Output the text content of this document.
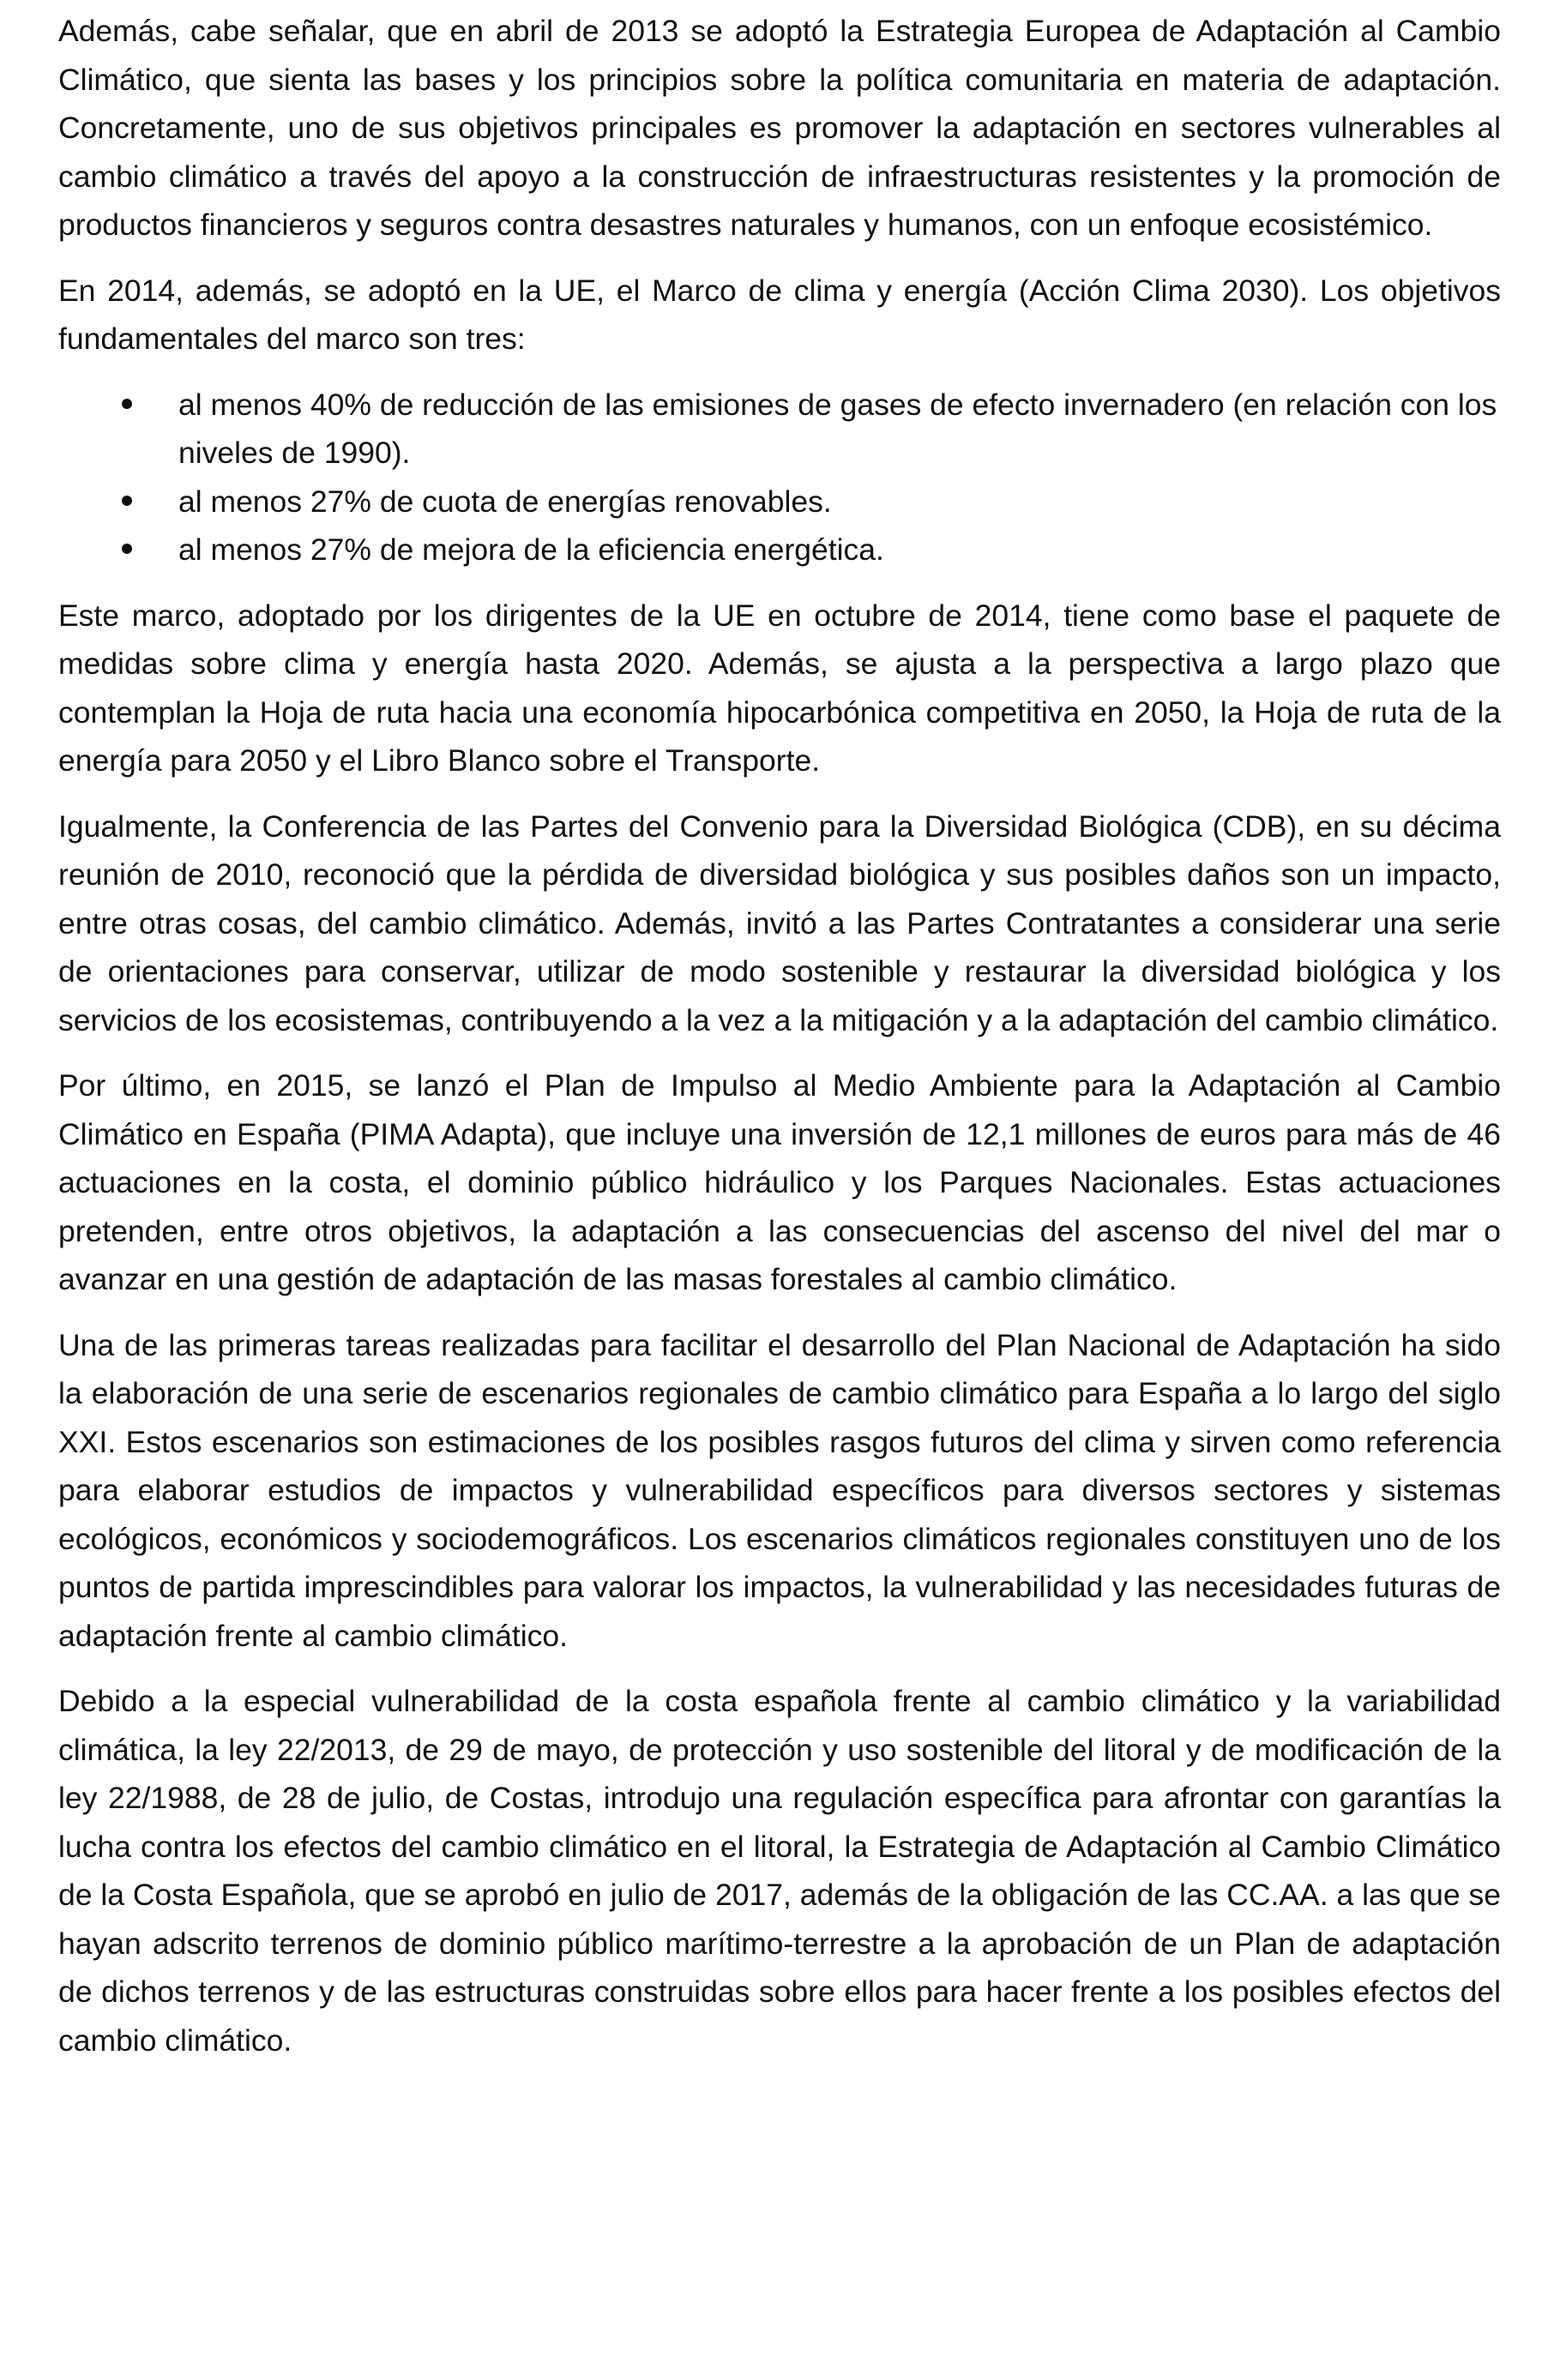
Además, cabe señalar, que en abril de 2013 se adoptó la Estrategia Europea de Adaptación al Cambio Climático, que sienta las bases y los principios sobre la política comunitaria en materia de adaptación. Concretamente, uno de sus objetivos principales es promover la adaptación en sectores vulnerables al cambio climático a través del apoyo a la construcción de infraestructuras resistentes y la promoción de productos financieros y seguros contra desastres naturales y humanos, con un enfoque ecosistémico.

En 2014, además, se adoptó en la UE, el Marco de clima y energía (Acción Clima 2030). Los objetivos fundamentales del marco son tres:

al menos 40% de reducción de las emisiones de gases de efecto invernadero (en relación con los niveles de 1990).
al menos 27% de cuota de energías renovables.
al menos 27% de mejora de la eficiencia energética.

Este marco, adoptado por los dirigentes de la UE en octubre de 2014, tiene como base el paquete de medidas sobre clima y energía hasta 2020. Además, se ajusta a la perspectiva a largo plazo que contemplan la Hoja de ruta hacia una economía hipocarbónica competitiva en 2050, la Hoja de ruta de la energía para 2050 y el Libro Blanco sobre el Transporte.

Igualmente, la Conferencia de las Partes del Convenio para la Diversidad Biológica (CDB), en su décima reunión de 2010, reconoció que la pérdida de diversidad biológica y sus posibles daños son un impacto, entre otras cosas, del cambio climático. Además, invitó a las Partes Contratantes a considerar una serie de orientaciones para conservar, utilizar de modo sostenible y restaurar la diversidad biológica y los servicios de los ecosistemas, contribuyendo a la vez a la mitigación y a la adaptación del cambio climático.

Por último, en 2015, se lanzó el Plan de Impulso al Medio Ambiente para la Adaptación al Cambio Climático en España (PIMA Adapta), que incluye una inversión de 12,1 millones de euros para más de 46 actuaciones en la costa, el dominio público hidráulico y los Parques Nacionales. Estas actuaciones pretenden, entre otros objetivos, la adaptación a las consecuencias del ascenso del nivel del mar o avanzar en una gestión de adaptación de las masas forestales al cambio climático.

Una de las primeras tareas realizadas para facilitar el desarrollo del Plan Nacional de Adaptación ha sido la elaboración de una serie de escenarios regionales de cambio climático para España a lo largo del siglo XXI. Estos escenarios son estimaciones de los posibles rasgos futuros del clima y sirven como referencia para elaborar estudios de impactos y vulnerabilidad específicos para diversos sectores y sistemas ecológicos, económicos y sociodemográficos. Los escenarios climáticos regionales constituyen uno de los puntos de partida imprescindibles para valorar los impactos, la vulnerabilidad y las necesidades futuras de adaptación frente al cambio climático.

Debido a la especial vulnerabilidad de la costa española frente al cambio climático y la variabilidad climática, la ley 22/2013, de 29 de mayo, de protección y uso sostenible del litoral y de modificación de la ley 22/1988, de 28 de julio, de Costas, introdujo una regulación específica para afrontar con garantías la lucha contra los efectos del cambio climático en el litoral, la Estrategia de Adaptación al Cambio Climático de la Costa Española, que se aprobó en julio de 2017, además de la obligación de las CC.AA. a las que se hayan adscrito terrenos de dominio público marítimo-terrestre a la aprobación de un Plan de adaptación de dichos terrenos y de las estructuras construidas sobre ellos para hacer frente a los posibles efectos del cambio climático.
